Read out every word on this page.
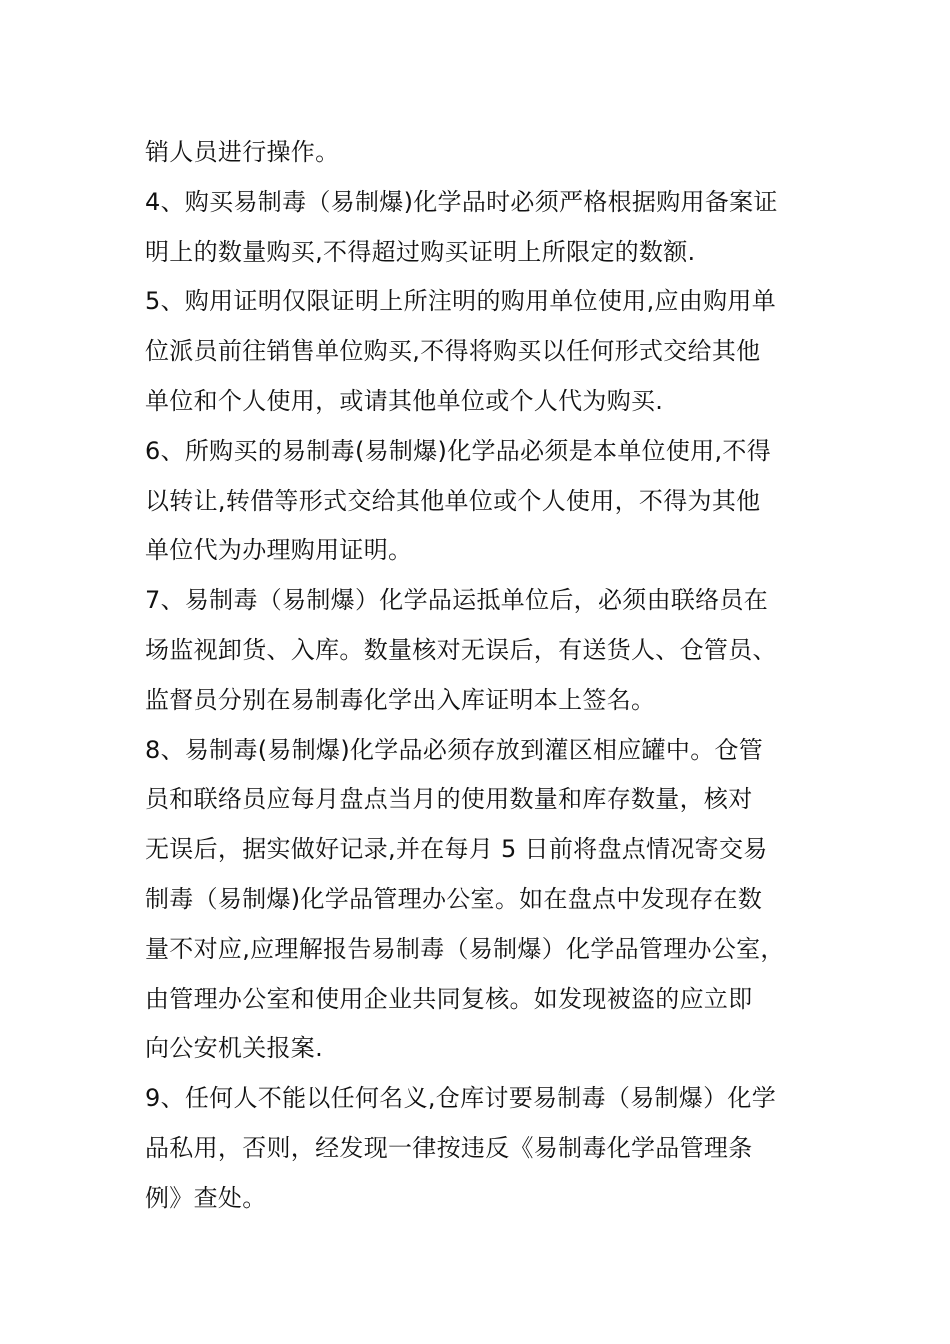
销人员进行操作。

4、购买易制毒（易制爆)化学品时必须严格根据购用备案证
明上的数量购买,不得超过购买证明上所限定的数额.

5、购用证明仅限证明上所注明的购用单位使用,应由购用单
位派员前往销售单位购买,不得将购买以任何形式交给其他
单位和个人使用，或请其他单位或个人代为购买.

6、所购买的易制毒(易制爆)化学品必须是本单位使用,不得
以转让,转借等形式交给其他单位或个人使用，不得为其他
单位代为办理购用证明。

7、易制毒（易制爆）化学品运抵单位后，必须由联络员在
场监视卸货、入库。数量核对无误后，有送货人、仓管员、
监督员分别在易制毒化学出入库证明本上签名。

8、易制毒(易制爆)化学品必须存放到灌区相应罐中。仓管
员和联络员应每月盘点当月的使用数量和库存数量，核对
无误后，据实做好记录,并在每月 5 日前将盘点情况寄交易
制毒（易制爆)化学品管理办公室。如在盘点中发现存在数
量不对应,应理解报告易制毒（易制爆）化学品管理办公室，
由管理办公室和使用企业共同复核。如发现被盗的应立即
向公安机关报案.

9、任何人不能以任何名义,仓库讨要易制毒（易制爆）化学
品私用，否则，经发现一律按违反《易制毒化学品管理条
例》查处。
